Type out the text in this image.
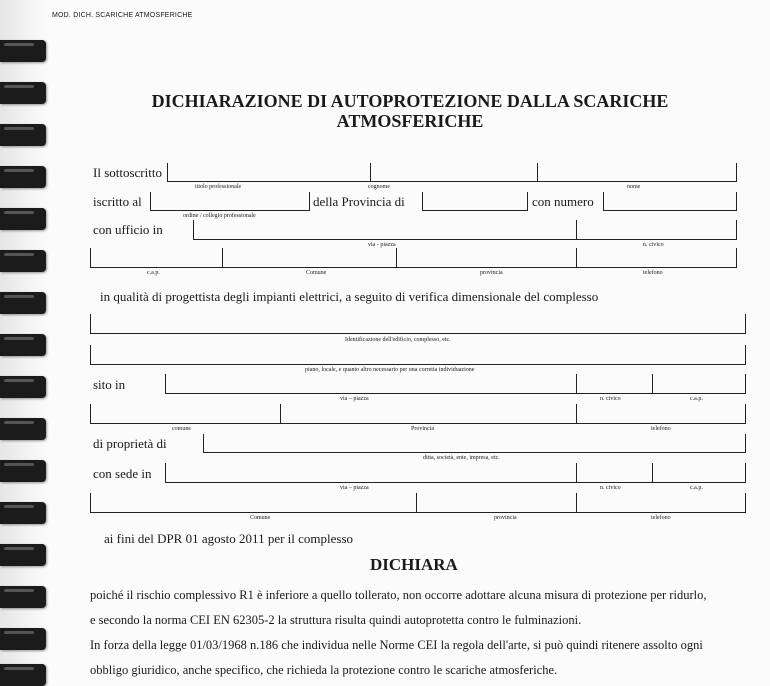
MOD. DICH. SCARICHE ATMOSFERICHE
DICHIARAZIONE DI AUTOPROTEZIONE DALLA SCARICHE
ATMOSFERICHE
Il sottoscritto
titolo professionale	cognome	nome
iscritto al	della Provincia di	con numero
ordine / collegio professionale
con ufficio in
via - piazza	n. civico
c.a.p.	Comune	provincia	telefono
in qualità di progettista degli impianti elettrici, a seguito di verifica dimensionale del complesso
Identificazione dell'edificio, complesso, etc.
piano, locale, e quanto altro necessario per una corretta individuazione
sito in
via – piazza	n. civico	c.a.p.
comune	Provincia	telefono
di proprietà di
ditta, società, ente, impresa, etc.
con sede in
via – piazza	n. civico	c.a.p.
Comune	provincia	telefono
ai fini del DPR 01 agosto 2011 per il complesso
DICHIARA
poiché il rischio complessivo R1 è inferiore a quello tollerato, non occorre adottare alcuna misura di protezione per ridurlo,
e secondo la norma CEI EN 62305-2 la struttura risulta quindi autoprotetta contro le fulminazioni.
In forza della legge 01/03/1968 n.186 che individua nelle Norme CEI la regola dell'arte, si può quindi ritenere assolto ogni
obbligo giuridico, anche specifico, che richieda la protezione contro le scariche atmosferiche.
